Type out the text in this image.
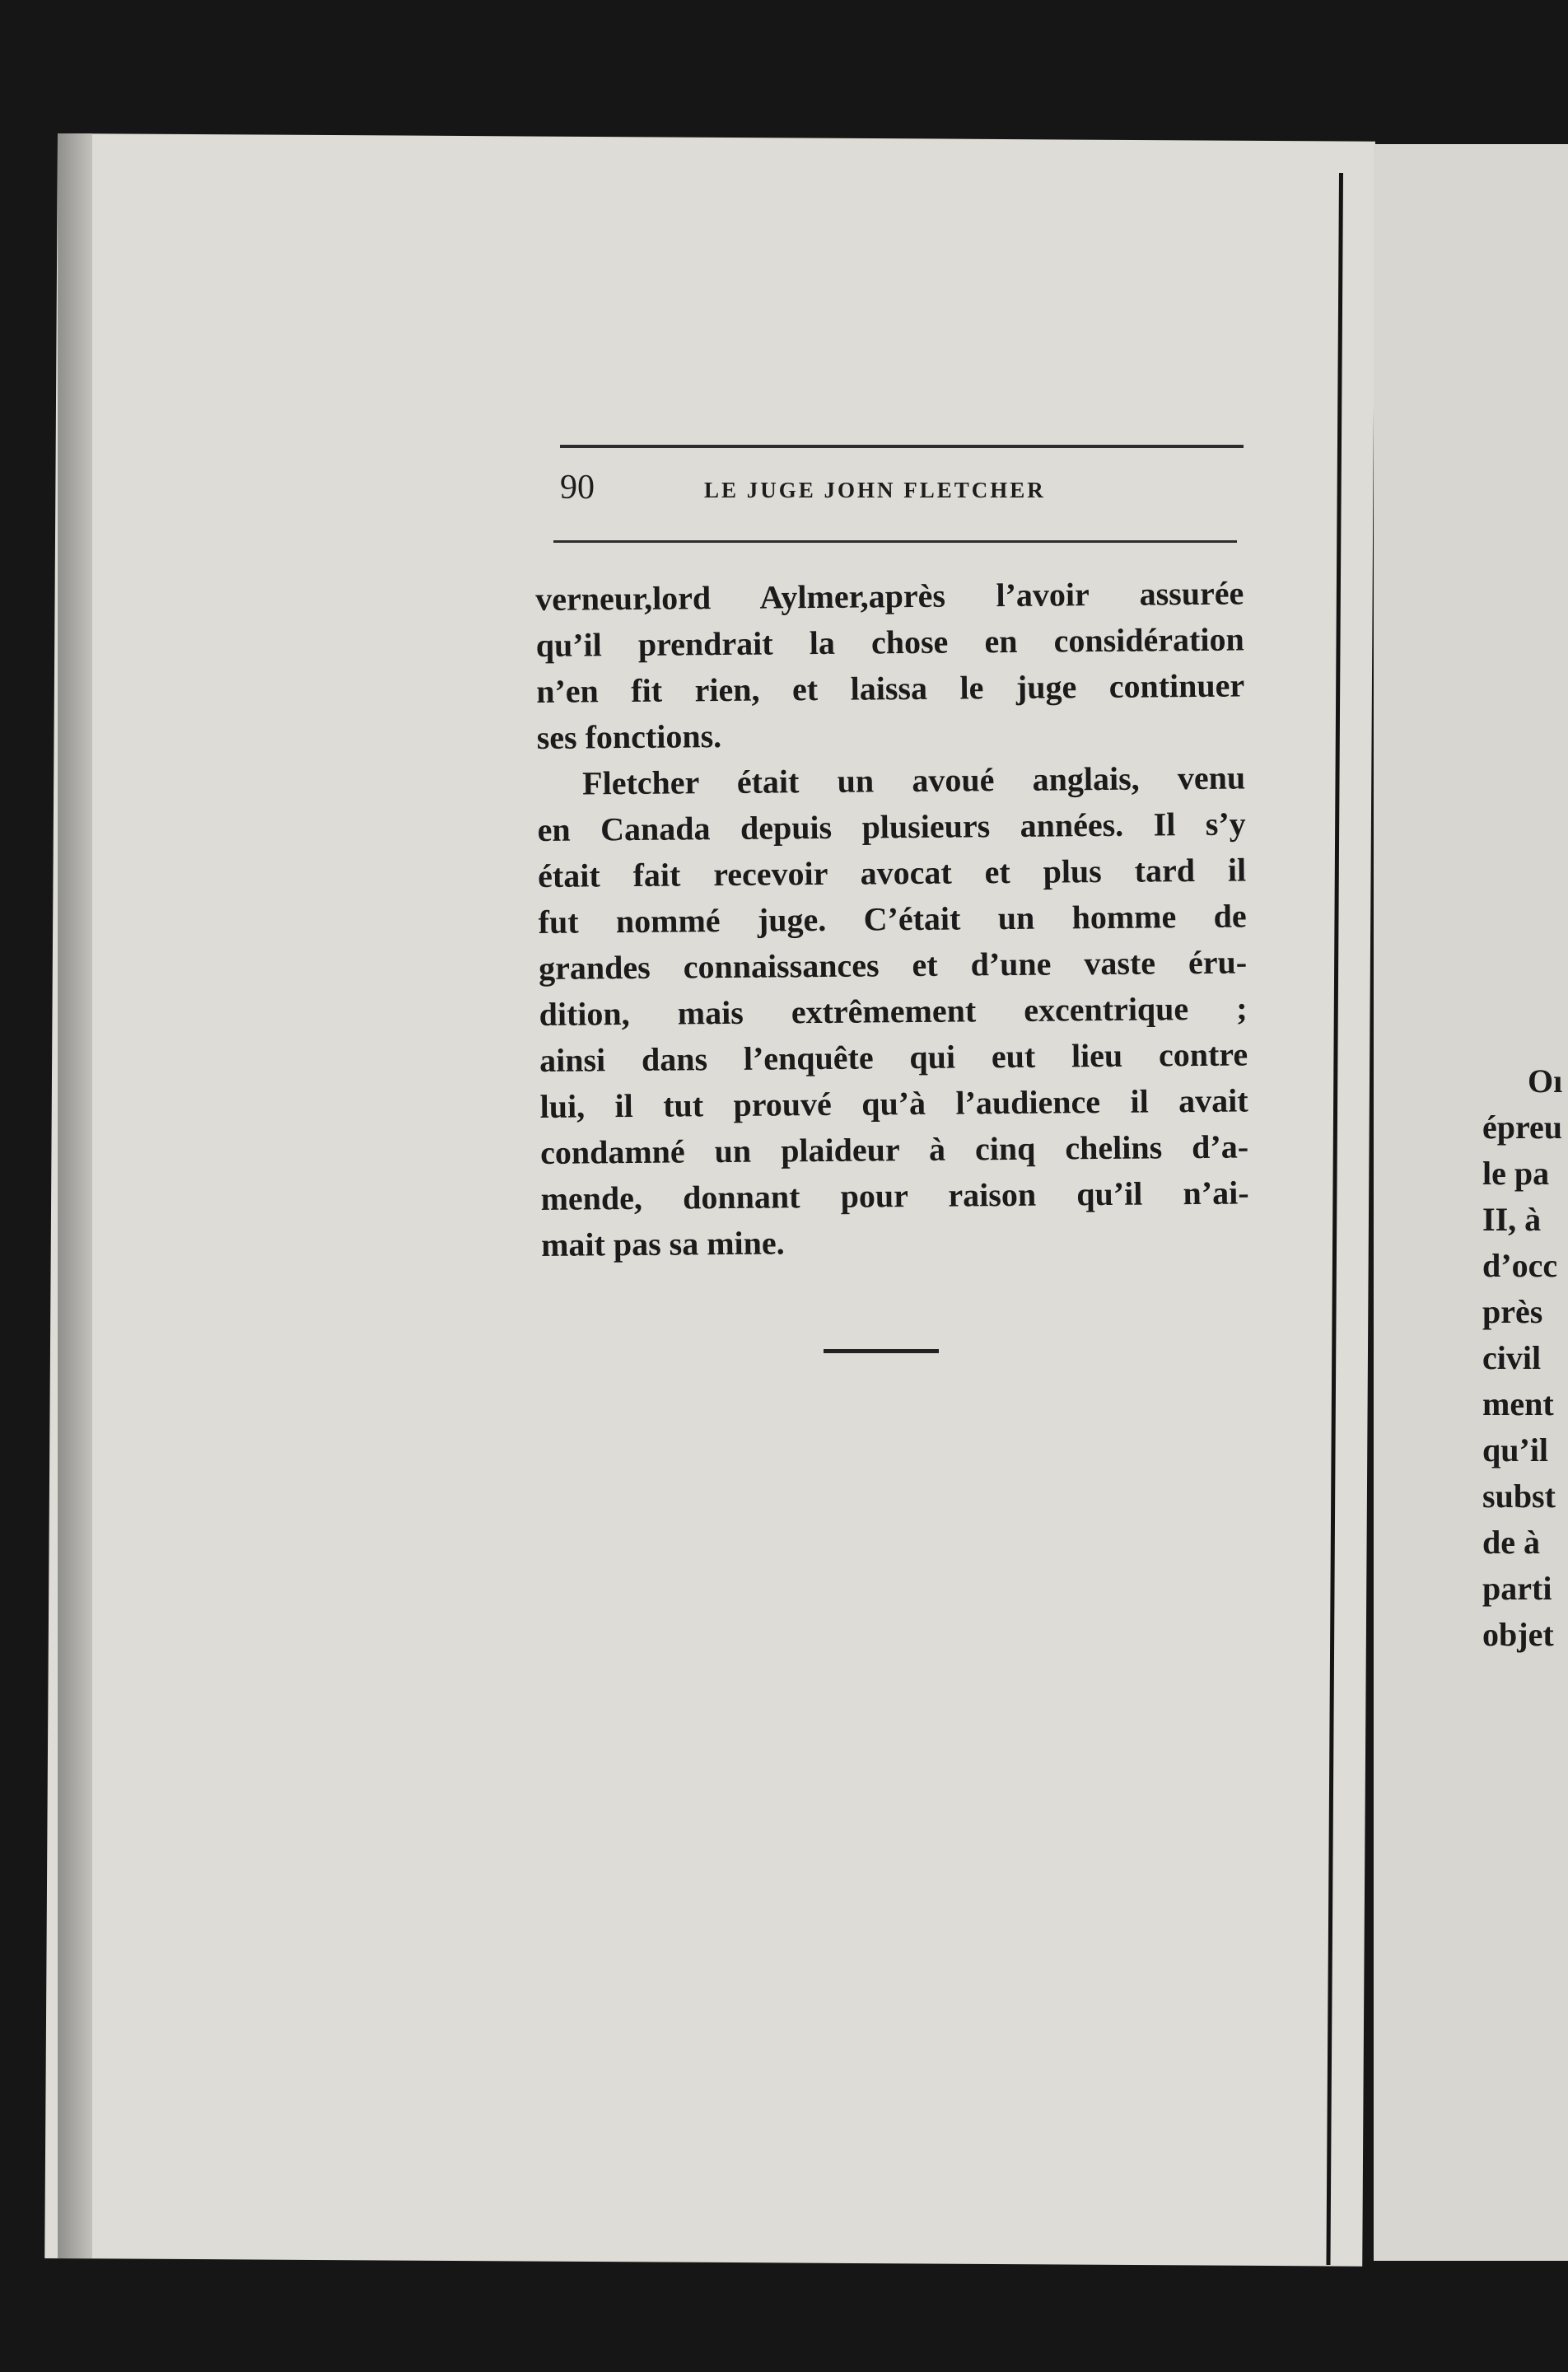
90	LE JUGE JOHN FLETCHER
verneur,lord Aylmer,après l’avoir assurée
qu’il prendrait la chose en considération
n’en fit rien, et laissa le juge continuer
ses fonctions.
Fletcher était un avoué anglais, venu
en Canada depuis plusieurs années. Il s’y
était fait recevoir avocat et plus tard il
fut nommé juge. C’était un homme de
grandes connaissances et d’une vaste éru-
dition, mais extrêmement excentrique ;
ainsi dans l’enquête qui eut lieu contre
lui, il tut prouvé qu’à l’audience il avait
condamné un plaideur à cinq chelins d’a-
mende, donnant pour raison qu’il n’ai-
mait pas sa mine.
Oı
épreu
le pa
II, à
d’occ
près
civil
ment
qu’il
subst
de à
parti
objet
